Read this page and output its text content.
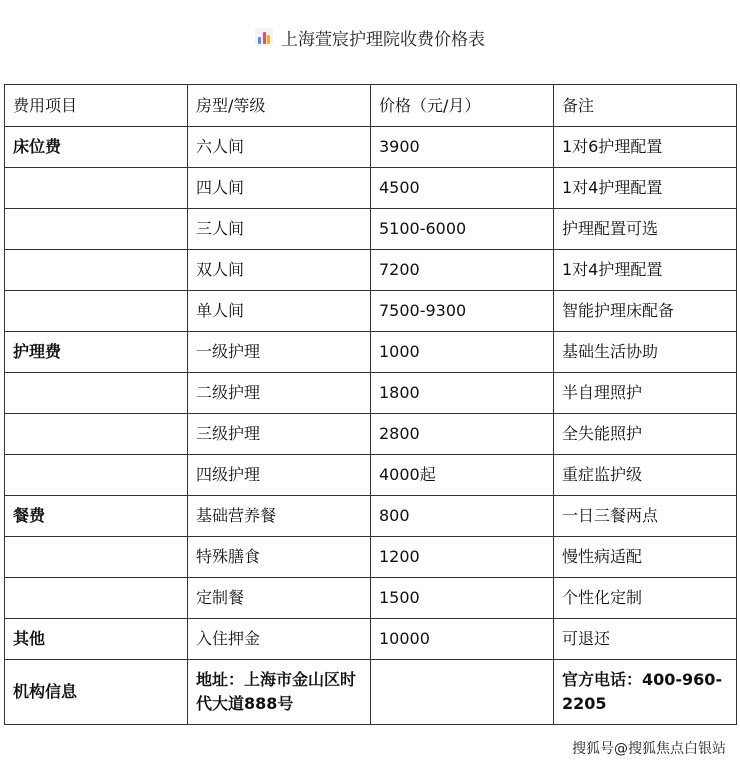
上海萱宸护理院收费价格表
费用项目	房型/等级	价格（元/月）	备注
床位费	六人间	3900	1对6护理配置
	四人间	4500	1对4护理配置
	三人间	5100-6000	护理配置可选
	双人间	7200	1对4护理配置
	单人间	7500-9300	智能护理床配备
护理费	一级护理	1000	基础生活协助
	二级护理	1800	半自理照护
	三级护理	2800	全失能照护
	四级护理	4000起	重症监护级
餐费	基础营养餐	800	一日三餐两点
	特殊膳食	1200	慢性病适配
	定制餐	1500	个性化定制
其他	入住押金	10000	可退还
机构信息	地址：上海市金山区时代大道888号		官方电话：400-960-2205
搜狐号@搜狐焦点白银站
